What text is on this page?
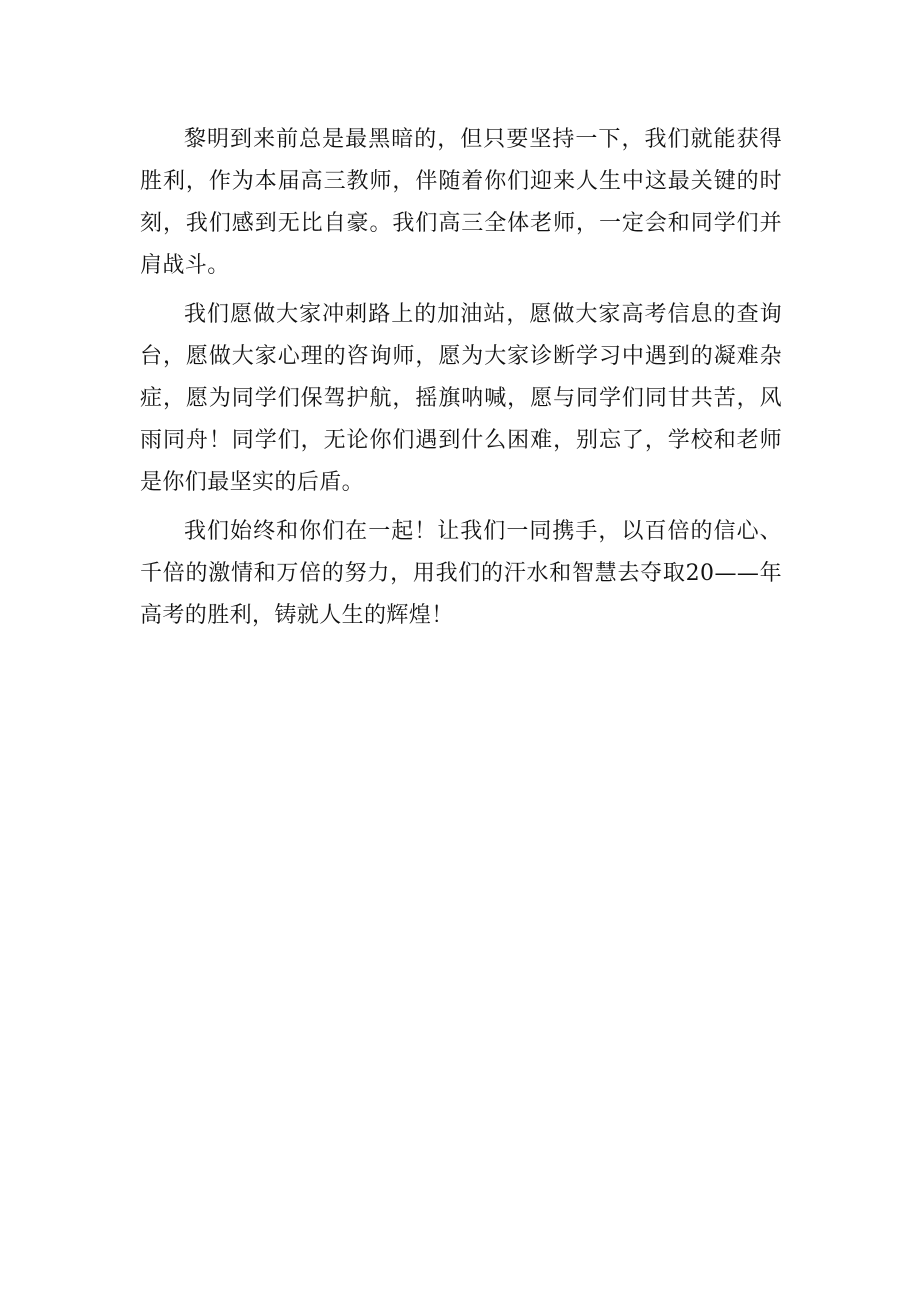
黎明到来前总是最黑暗的，但只要坚持一下，我们就能获得胜利，作为本届高三教师，伴随着你们迎来人生中这最关键的时刻，我们感到无比自豪。我们高三全体老师，一定会和同学们并肩战斗。

我们愿做大家冲刺路上的加油站，愿做大家高考信息的查询台，愿做大家心理的咨询师，愿为大家诊断学习中遇到的凝难杂症，愿为同学们保驾护航，摇旗呐喊，愿与同学们同甘共苦，风雨同舟！同学们，无论你们遇到什么困难，别忘了，学校和老师是你们最坚实的后盾。

我们始终和你们在一起！让我们一同携手，以百倍的信心、千倍的激情和万倍的努力，用我们的汗水和智慧去夺取20——年高考的胜利，铸就人生的辉煌！
